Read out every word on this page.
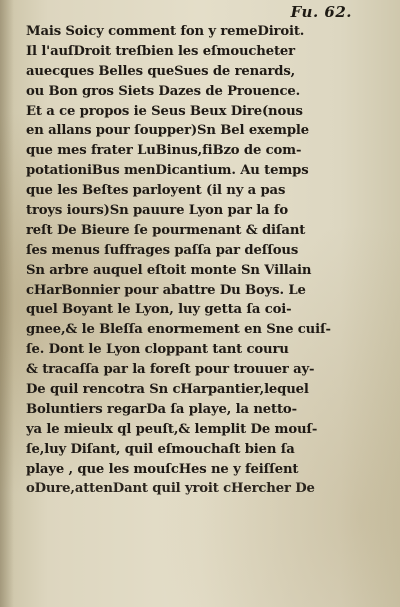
Fu. 62.
Mais Soicy comment fon y remeDiroit.
Il l'auſDroit treſbien les eſmoucheter
auecques Belles queSues de renards,
ou Bon gros Siets Dazes de Prouence.
Et a ce propos ie Seus Beux Dire(nous
en allans pour ſoupper)Sn Bel exemple
que mes frater LuBinus,fiBzo de com-
potationiBus menDicantium. Au temps
que les Beſtes parloyent (il ny a pas
troys iours)Sn pauure Lyon par la fo
reſt De Bieure ſe pourmenant & diſant
ſes menus ſuffrages paſſa par deſſous
Sn arbre auquel eſtoit monte Sn Villain
cHarBonnier pour abattre Du Boys. Le
quel Boyant le Lyon, luy getta ſa coi-
gnee,& le Bleſſa enormement en Sne cuiſ-
ſe. Dont le Lyon cloppant tant couru
& tracaſſa par la foreſt pour trouuer ay-
De quil rencotra Sn cHarpantier,lequel
Boluntiers regarDa ſa playe, la netto-
ya le mieulx ql peuſt,& lemplit De mouſ-
ſe,luy Diſant, quil eſmouchaſt bien ſa
playe , que les mouſcHes ne y feiſſent
oDure,attenDant quil yroit cHercher De
